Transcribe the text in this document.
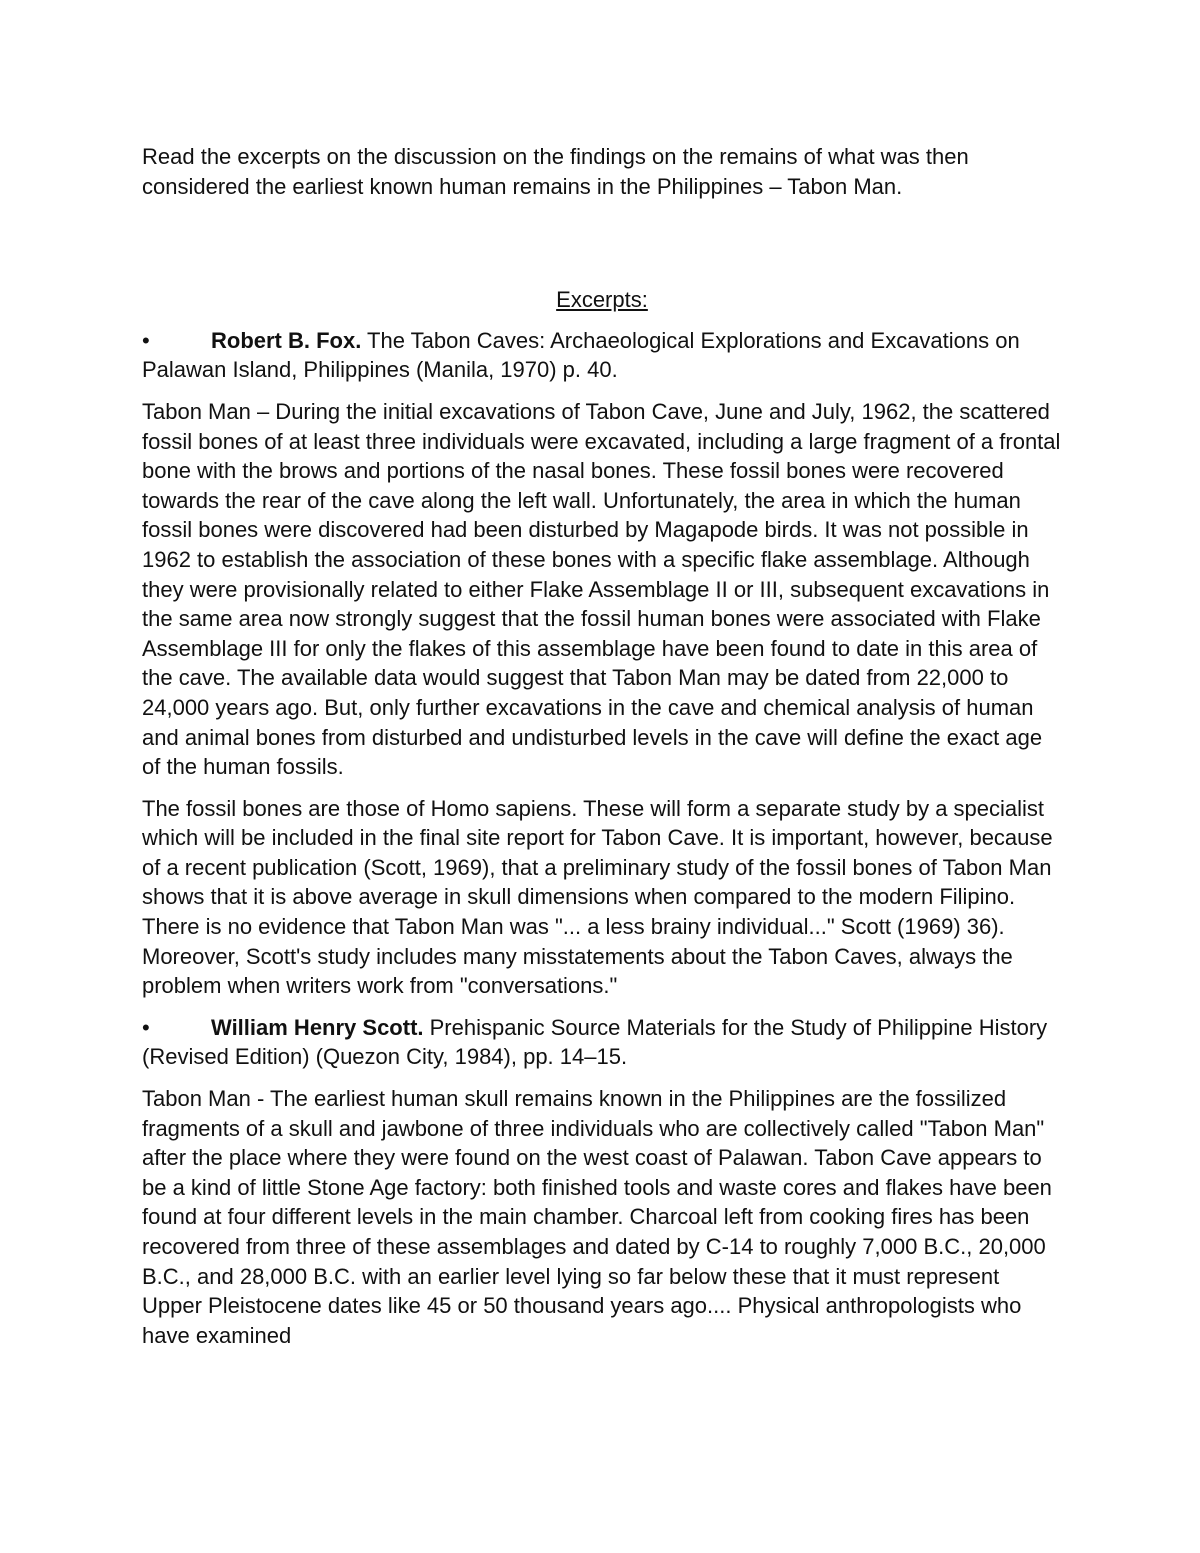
Read the excerpts on the discussion on the findings on the remains of what was then considered the earliest known human remains in the Philippines – Tabon Man.

Excerpts:
•	Robert B. Fox. The Tabon Caves: Archaeological Explorations and Excavations on Palawan Island, Philippines (Manila, 1970) p. 40.

Tabon Man – During the initial excavations of Tabon Cave, June and July, 1962, the scattered fossil bones of at least three individuals were excavated, including a large fragment of a frontal bone with the brows and portions of the nasal bones. These fossil bones were recovered towards the rear of the cave along the left wall. Unfortunately, the area in which the human fossil bones were discovered had been disturbed by Magapode birds. It was not possible in 1962 to establish the association of these bones with a specific flake assemblage. Although they were provisionally related to either Flake Assemblage II or III, subsequent excavations in the same area now strongly suggest that the fossil human bones were associated with Flake Assemblage III for only the flakes of this assemblage have been found to date in this area of the cave. The available data would suggest that Tabon Man may be dated from 22,000 to 24,000 years ago. But, only further excavations in the cave and chemical analysis of human and animal bones from disturbed and undisturbed levels in the cave will define the exact age of the human fossils.

The fossil bones are those of Homo sapiens. These will form a separate study by a specialist which will be included in the final site report for Tabon Cave. It is important, however, because of a recent publication (Scott, 1969), that a preliminary study of the fossil bones of Tabon Man shows that it is above average in skull dimensions when compared to the modern Filipino. There is no evidence that Tabon Man was "... a less brainy individual..." Scott (1969) 36). Moreover, Scott's study includes many misstatements about the Tabon Caves, always the problem when writers work from "conversations."

•	William Henry Scott. Prehispanic Source Materials for the Study of Philippine History (Revised Edition) (Quezon City, 1984), pp. 14–15.

Tabon Man - The earliest human skull remains known in the Philippines are the fossilized fragments of a skull and jawbone of three individuals who are collectively called "Tabon Man" after the place where they were found on the west coast of Palawan. Tabon Cave appears to be a kind of little Stone Age factory: both finished tools and waste cores and flakes have been found at four different levels in the main chamber. Charcoal left from cooking fires has been recovered from three of these assemblages and dated by C-14 to roughly 7,000 B.C., 20,000 B.C., and 28,000 B.C. with an earlier level lying so far below these that it must represent Upper Pleistocene dates like 45 or 50 thousand years ago.... Physical anthropologists who have examined
